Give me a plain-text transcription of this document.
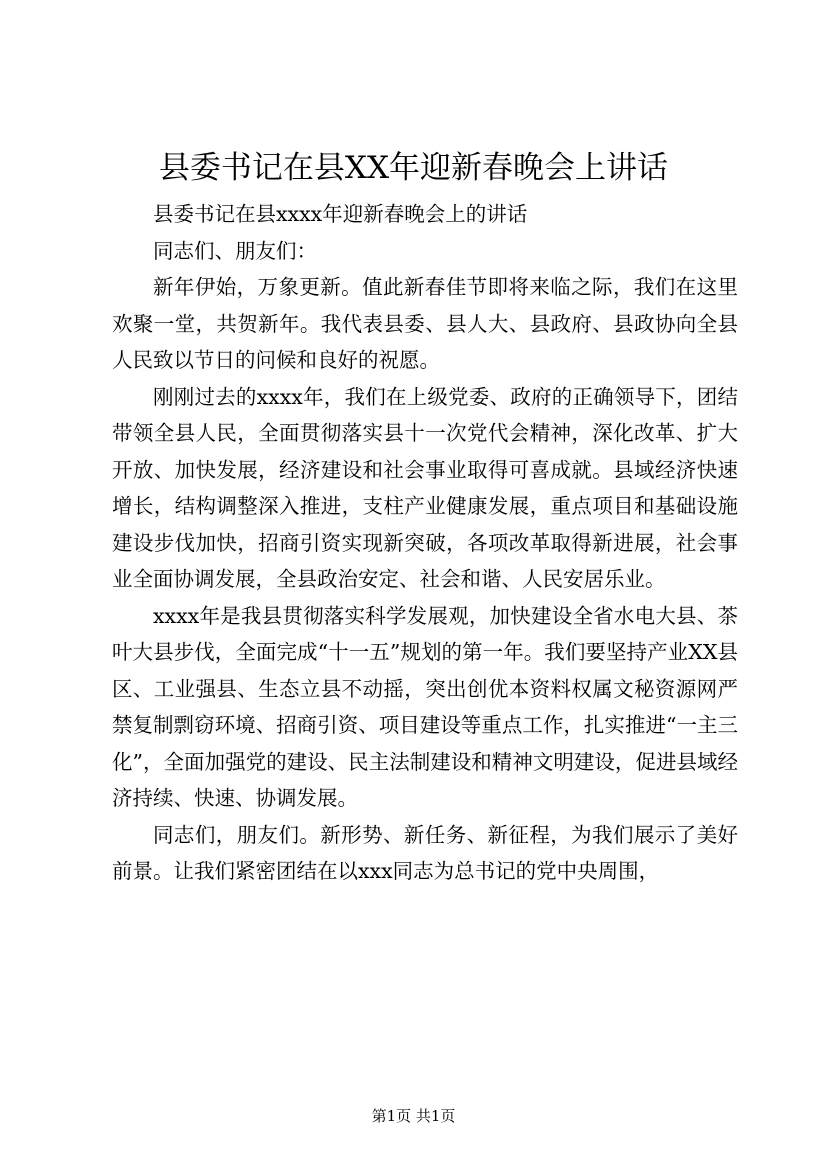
县委书记在县XX年迎新春晚会上讲话

县委书记在县xxxx年迎新春晚会上的讲话

同志们、朋友们：

新年伊始，万象更新。值此新春佳节即将来临之际，我们在这里欢聚一堂，共贺新年。我代表县委、县人大、县政府、县政协向全县人民致以节日的问候和良好的祝愿。

刚刚过去的xxxx年，我们在上级党委、政府的正确领导下，团结带领全县人民，全面贯彻落实县十一次党代会精神，深化改革、扩大开放、加快发展，经济建设和社会事业取得可喜成就。县域经济快速增长，结构调整深入推进，支柱产业健康发展，重点项目和基础设施建设步伐加快，招商引资实现新突破，各项改革取得新进展，社会事业全面协调发展，全县政治安定、社会和谐、人民安居乐业。

xxxx年是我县贯彻落实科学发展观，加快建设全省水电大县、茶叶大县步伐，全面完成“十一五”规划的第一年。我们要坚持产业XX县区、工业强县、生态立县不动摇，突出创优本资料权属文秘资源网严禁复制剽窃环境、招商引资、项目建设等重点工作，扎实推进“一主三化”，全面加强党的建设、民主法制建设和精神文明建设，促进县域经济持续、快速、协调发展。

同志们，朋友们。新形势、新任务、新征程，为我们展示了美好前景。让我们紧密团结在以xxx同志为总书记的党中央周围，

第1页 共1页
